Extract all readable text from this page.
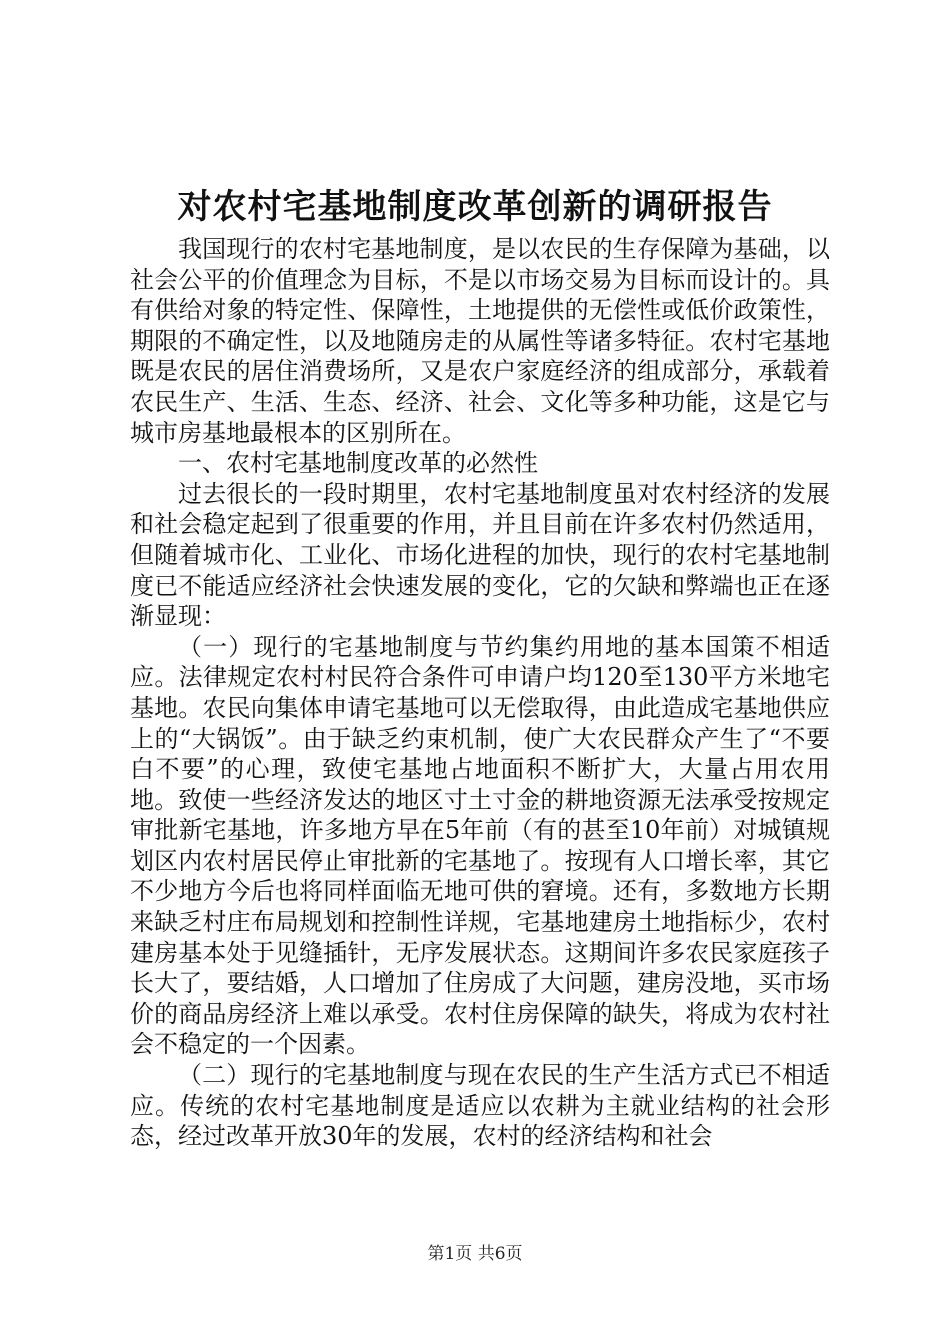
对农村宅基地制度改革创新的调研报告

我国现行的农村宅基地制度，是以农民的生存保障为基础，以社会公平的价值理念为目标，不是以市场交易为目标而设计的。具有供给对象的特定性、保障性，土地提供的无偿性或低价政策性，期限的不确定性，以及地随房走的从属性等诸多特征。农村宅基地既是农民的居住消费场所，又是农户家庭经济的组成部分，承载着农民生产、生活、生态、经济、社会、文化等多种功能，这是它与城市房基地最根本的区别所在。

一、农村宅基地制度改革的必然性

过去很长的一段时期里，农村宅基地制度虽对农村经济的发展和社会稳定起到了很重要的作用，并且目前在许多农村仍然适用，但随着城市化、工业化、市场化进程的加快，现行的农村宅基地制度已不能适应经济社会快速发展的变化，它的欠缺和弊端也正在逐渐显现：

（一）现行的宅基地制度与节约集约用地的基本国策不相适应。法律规定农村村民符合条件可申请户均120至130平方米地宅基地。农民向集体申请宅基地可以无偿取得，由此造成宅基地供应上的“大锅饭”。由于缺乏约束机制，使广大农民群众产生了“不要白不要”的心理，致使宅基地占地面积不断扩大，大量占用农用地。致使一些经济发达的地区寸土寸金的耕地资源无法承受按规定审批新宅基地，许多地方早在5年前（有的甚至10年前）对城镇规划区内农村居民停止审批新的宅基地了。按现有人口增长率，其它不少地方今后也将同样面临无地可供的窘境。还有，多数地方长期来缺乏村庄布局规划和控制性详规，宅基地建房土地指标少，农村建房基本处于见缝插针，无序发展状态。这期间许多农民家庭孩子长大了，要结婚，人口增加了住房成了大问题，建房没地，买市场价的商品房经济上难以承受。农村住房保障的缺失，将成为农村社会不稳定的一个因素。

（二）现行的宅基地制度与现在农民的生产生活方式已不相适应。传统的农村宅基地制度是适应以农耕为主就业结构的社会形态，经过改革开放30年的发展，农村的经济结构和社会

第1页 共6页
